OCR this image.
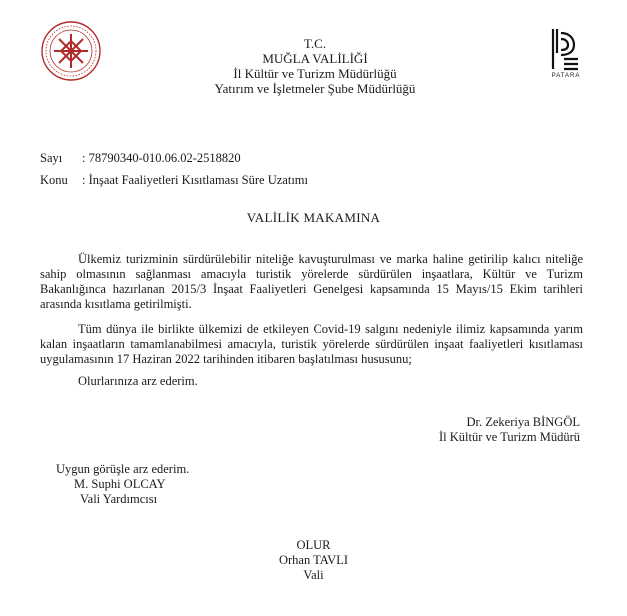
PATARA
T.C.
MUĞLA VALİLİĞİ
İl Kültür ve Turizm Müdürlüğü
Yatırım ve İşletmeler Şube Müdürlüğü
Sayı : 78790340-010.06.02-2518820
Konu : İnşaat Faaliyetleri Kısıtlaması Süre Uzatımı
VALİLİK MAKAMINA
Ülkemiz turizminin sürdürülebilir niteliğe kavuşturulması ve marka haline getirilip kalıcı niteliğe sahip olmasının sağlanması amacıyla turistik yörelerde sürdürülen inşaatlara, Kültür ve Turizm Bakanlığınca hazırlanan 2015/3 İnşaat Faaliyetleri Genelgesi kapsamında 15 Mayıs/15 Ekim tarihleri arasında kısıtlama getirilmişti.
Tüm dünya ile birlikte ülkemizi de etkileyen Covid-19 salgını nedeniyle ilimiz kapsamında yarım kalan inşaatların tamamlanabilmesi amacıyla, turistik yörelerde sürdürülen inşaat faaliyetleri kısıtlaması uygulamasının 17 Haziran 2022 tarihinden itibaren başlatılması hususunu;
Olurlarınıza arz ederim.
Dr. Zekeriya BİNGÖL
İl Kültür ve Turizm Müdürü
Uygun görüşle arz ederim.
M. Suphi OLCAY
Vali Yardımcısı
OLUR
Orhan TAVLI
Vali
